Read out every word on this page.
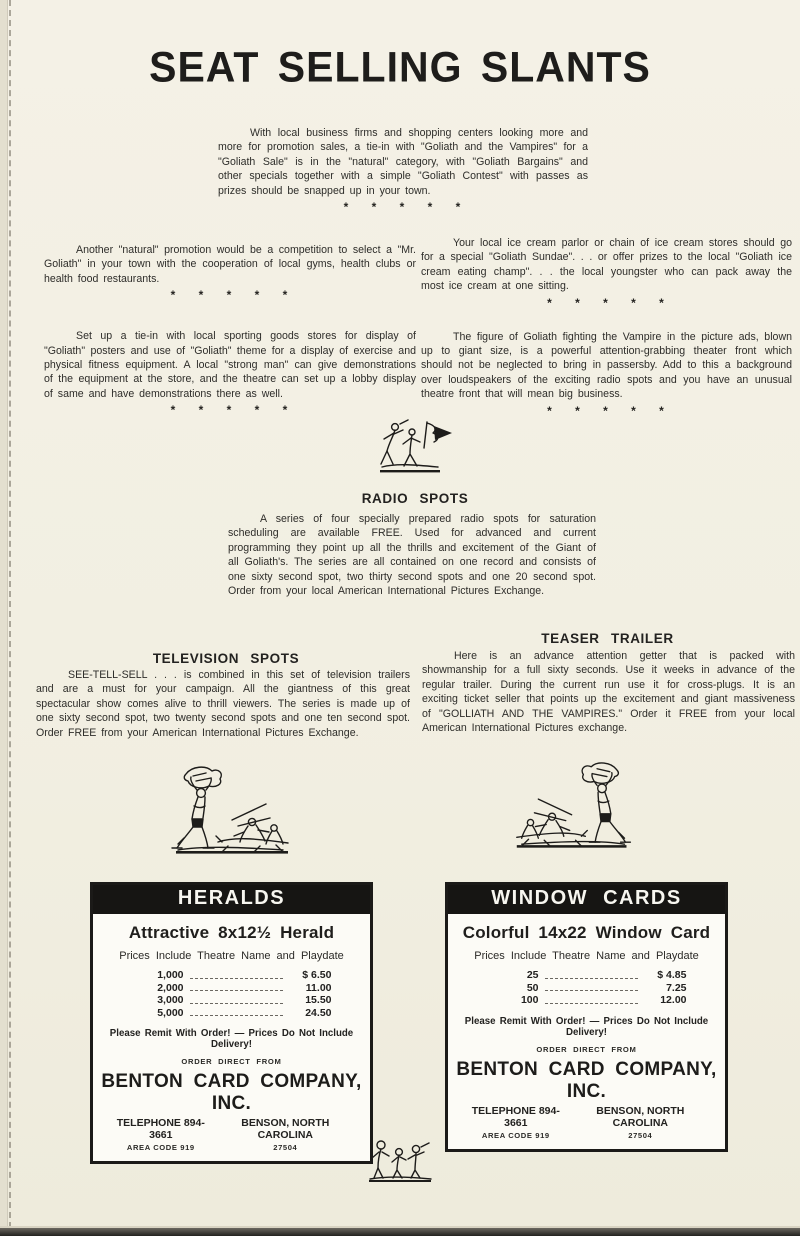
SEAT SELLING SLANTS

With local business firms and shopping centers looking more and more for promotion sales, a tie-in with "Goliath and the Vampires" for a "Goliath Sale" is in the "natural" category, with "Goliath Bargains" and other specials together with a simple "Goliath Contest" with passes as prizes should be snapped up in your town.

* * * * *

Another "natural" promotion would be a competition to select a "Mr. Goliath" in your town with the cooperation of local gyms, health clubs or health food restaurants.

* * * * *

Set up a tie-in with local sporting goods stores for display of "Goliath" posters and use of "Goliath" theme for a display of exercise and physical fitness equipment. A local "strong man" can give demonstrations of the equipment at the store, and the theatre can set up a lobby display of same and have demonstrations there as well.

* * * * *

Your local ice cream parlor or chain of ice cream stores should go for a special "Goliath Sundae". . . or offer prizes to the local "Goliath ice cream eating champ". . . the local youngster who can pack away the most ice cream at one sitting.

* * * * *

The figure of Goliath fighting the Vampire in the picture ads, blown up to giant size, is a powerful attention-grabbing theater front which should not be neglected to bring in passersby. Add to this a background over loudspeakers of the exciting radio spots and you have an unusual theatre front that will mean big business.

* * * * *
RADIO SPOTS

A series of four specially prepared radio spots for saturation scheduling are available FREE. Used for advanced and current programming they point up all the thrills and excitement of the Giant of all Goliath's. The series are all contained on one record and consists of one sixty second spot, two thirty second spots and one 20 second spot. Order from your local American International Pictures Exchange.

TELEVISION SPOTS

SEE-TELL-SELL . . . is combined in this set of television trailers and are a must for your campaign. All the giantness of this great spectacular show comes alive to thrill viewers. The series is made up of one sixty second spot, two twenty second spots and one ten second spot. Order FREE from your American International Pictures Exchange.

TEASER TRAILER

Here is an advance attention getter that is packed with showmanship for a full sixty seconds. Use it weeks in advance of the regular trailer. During the current run use it for cross-plugs. It is an exciting ticket seller that points up the excitement and giant massiveness of "GOLLIATH AND THE VAMPIRES." Order it FREE from your local American International Pictures exchange.

HERALDS
Attractive 8x12½ Herald
Prices Include Theatre Name and Playdate
1,000	$ 6.50
2,000	11.00
3,000	15.50
5,000	24.50
Please Remit With Order! — Prices Do Not Include Delivery!
ORDER DIRECT FROM
BENTON CARD COMPANY, INC.
TELEPHONE 894-3661
AREA CODE 919
BENSON, NORTH CAROLINA
27504
WINDOW CARDS
Colorful 14x22 Window Card
Prices Include Theatre Name and Playdate
25	$ 4.85
50	7.25
100	12.00
Please Remit With Order! — Prices Do Not Include Delivery!
ORDER DIRECT FROM
BENTON CARD COMPANY, INC.
TELEPHONE 894-3661
AREA CODE 919
BENSON, NORTH CAROLINA
27504
